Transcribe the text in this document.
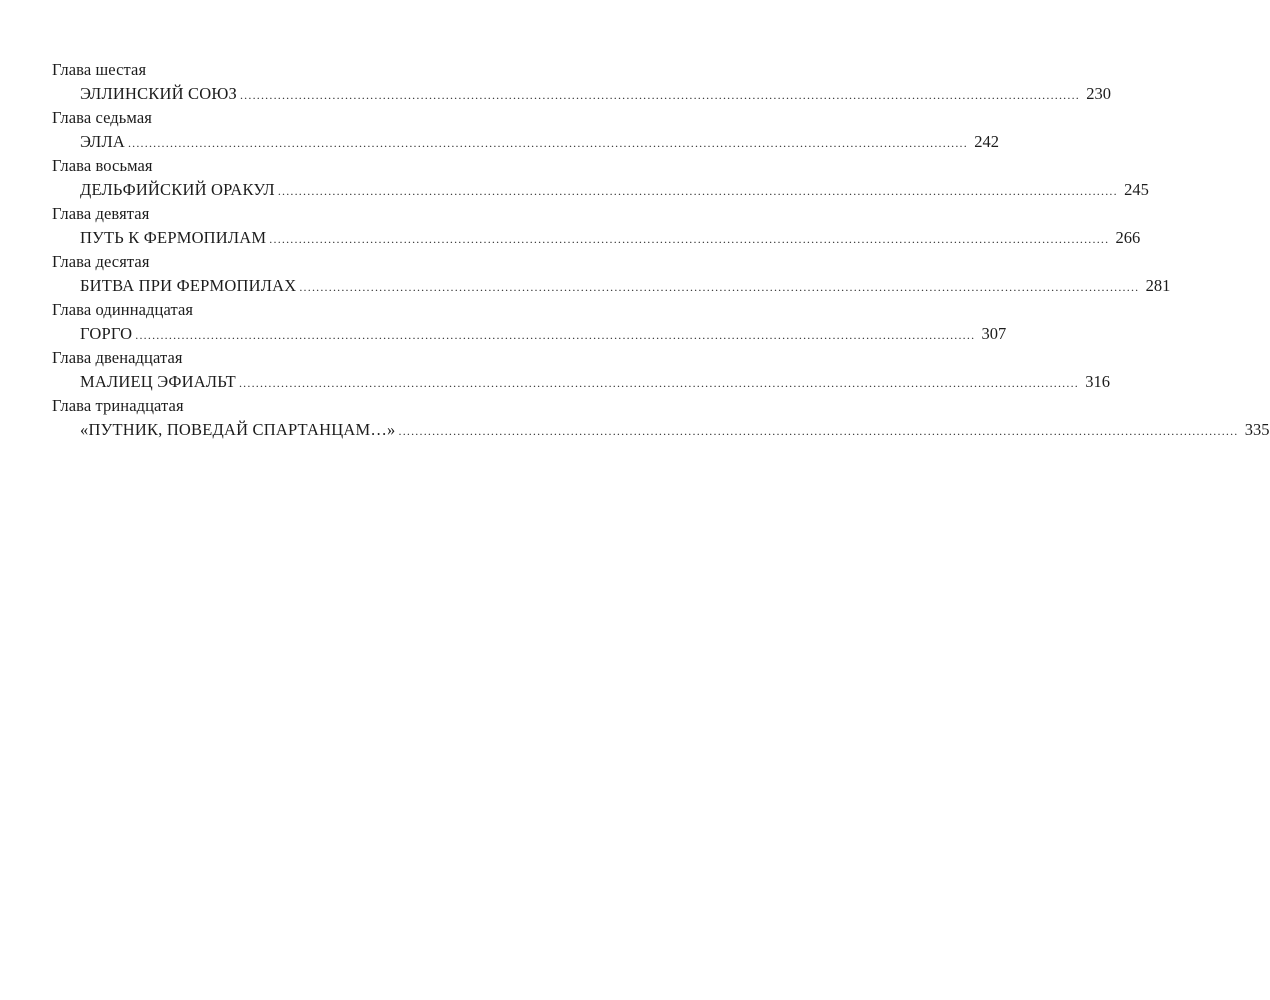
Глава шестая
ЭЛЛИНСКИЙ СОЮЗ ........................................................................................................................................................................................................ 230
Глава седьмая
ЭЛЛА ........................................................................................................................................................................................................ 242
Глава восьмая
ДЕЛЬФИЙСКИЙ ОРАКУЛ ........................................................................................................................................................................................................ 245
Глава девятая
ПУТЬ К ФЕРМОПИЛАМ ........................................................................................................................................................................................................ 266
Глава десятая
БИТВА ПРИ ФЕРМОПИЛАХ ........................................................................................................................................................................................................ 281
Глава одиннадцатая
ГОРГО ........................................................................................................................................................................................................ 307
Глава двенадцатая
МАЛИЕЦ ЭФИАЛЬТ ........................................................................................................................................................................................................ 316
Глава тринадцатая
«ПУТНИК, ПОВЕДАЙ СПАРТАНЦАМ…» ........................................................................................................................................................................................................ 335
